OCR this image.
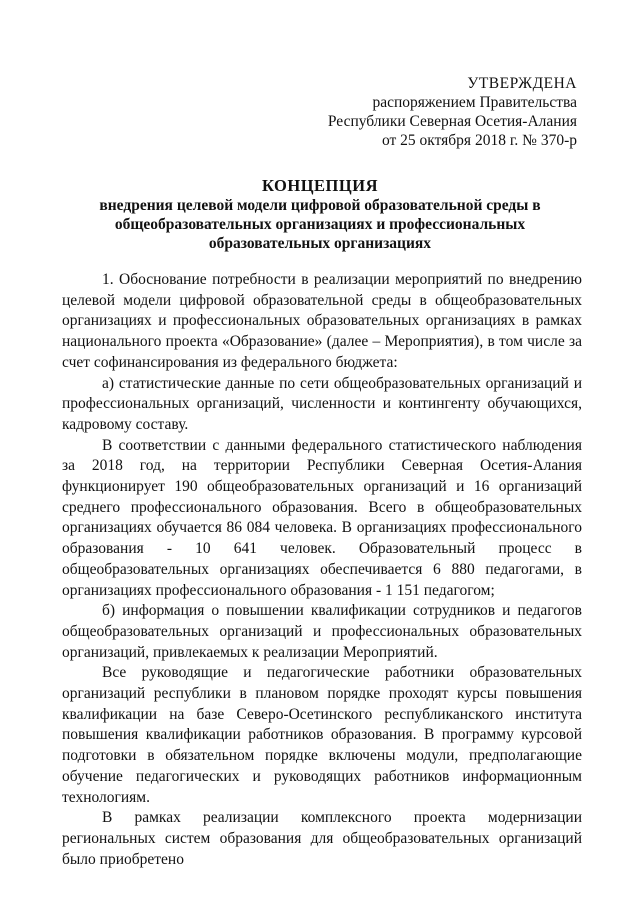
УТВЕРЖДЕНА
распоряжением Правительства
Республики Северная Осетия-Алания
от 25 октября 2018 г. № 370-р
КОНЦЕПЦИЯ
внедрения целевой модели цифровой образовательной среды в общеобразовательных организациях и профессиональных образовательных организациях

1. Обоснование потребности в реализации мероприятий по внедрению целевой модели цифровой образовательной среды в общеобразовательных организациях и профессиональных образовательных организациях в рамках национального проекта «Образование» (далее – Мероприятия), в том числе за счет софинансирования из федерального бюджета:

а) статистические данные по сети общеобразовательных организаций и профессиональных организаций, численности и контингенту обучающихся, кадровому составу.

В соответствии с данными федерального статистического наблюдения за 2018 год, на территории Республики Северная Осетия-Алания функционирует 190 общеобразовательных организаций и 16 организаций среднего профессионального образования. Всего в общеобразовательных организациях обучается 86 084 человека. В организациях профессионального образования - 10 641 человек. Образовательный процесс в общеобразовательных организациях обеспечивается 6 880 педагогами, в организациях профессионального образования - 1 151 педагогом;

б) информация о повышении квалификации сотрудников и педагогов общеобразовательных организаций и профессиональных образовательных организаций, привлекаемых к реализации Мероприятий.

Все руководящие и педагогические работники образовательных организаций республики в плановом порядке проходят курсы повышения квалификации на базе Северо-Осетинского республиканского института повышения квалификации работников образования. В программу курсовой подготовки в обязательном порядке включены модули, предполагающие обучение педагогических и руководящих работников информационным технологиям.

В рамках реализации комплексного проекта модернизации региональных систем образования для общеобразовательных организаций было приобретено
